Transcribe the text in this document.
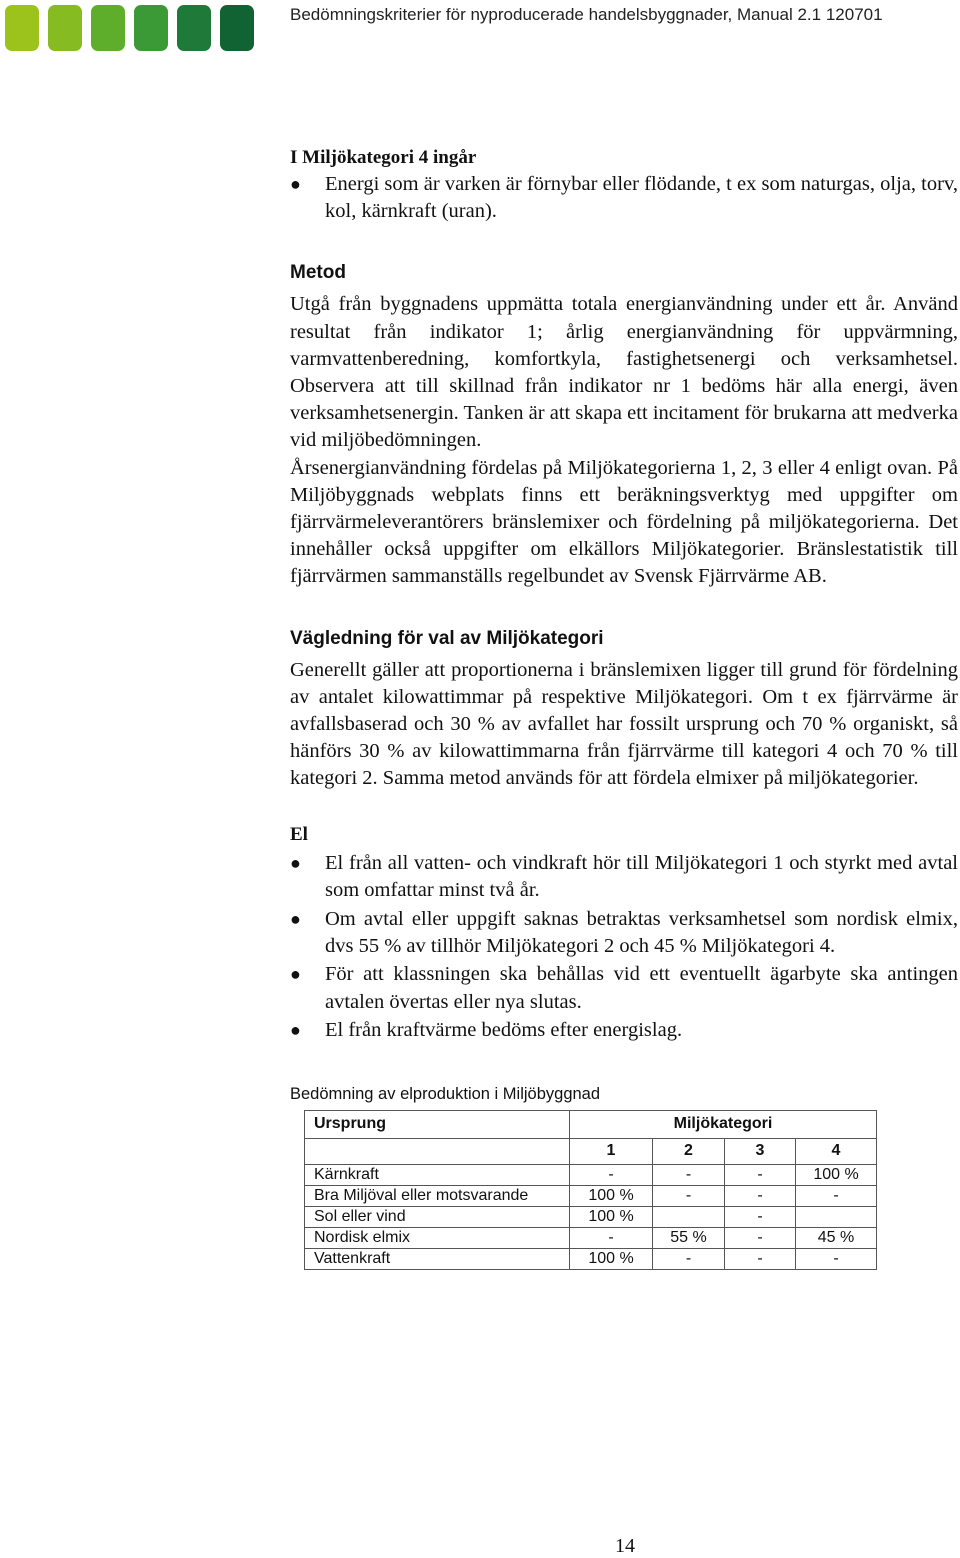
Bedömningskriterier för nyproducerade handelsbyggnader, Manual 2.1 120701
I Miljökategori 4 ingår
● Energi som är varken är förnybar eller flödande, t ex som naturgas, olja, torv, kol, kärnkraft (uran).
Metod

Utgå från byggnadens uppmätta totala energianvändning under ett år. Använd resultat från indikator 1; årlig energianvändning för uppvärmning, varmvattenberedning, komfortkyla, fastighetsenergi och verksamhetsel. Observera att till skillnad från indikator nr 1 bedöms här alla energi, även verksamhetsenergin. Tanken är att skapa ett incitament för brukarna att medverka vid miljöbedömningen.

Årsenergianvändning fördelas på Miljökategorierna 1, 2, 3 eller 4 enligt ovan. På Miljöbyggnads webplats finns ett beräkningsverktyg med uppgifter om fjärrvärmeleverantörers bränslemixer och fördelning på miljökategorierna. Det innehåller också uppgifter om elkällors Miljökategorier. Bränslestatistik till fjärrvärmen sammanställs regelbundet av Svensk Fjärrvärme AB.

Vägledning för val av Miljökategori

Generellt gäller att proportionerna i bränslemixen ligger till grund för fördelning av antalet kilowattimmar på respektive Miljökategori. Om t ex fjärrvärme är avfallsbaserad och 30 % av avfallet har fossilt ursprung och 70 % organiskt, så hänförs 30 % av kilowattimmarna från fjärrvärme till kategori 4 och 70 % till kategori 2. Samma metod används för att fördela elmixer på miljökategorier.

El
● El från all vatten- och vindkraft hör till Miljökategori 1 och styrkt med avtal som omfattar minst två år.
● Om avtal eller uppgift saknas betraktas verksamhetsel som nordisk elmix, dvs 55 % av tillhör Miljökategori 2 och 45 % Miljökategori 4.
● För att klassningen ska behållas vid ett eventuellt ägarbyte ska antingen avtalen övertas eller nya slutas.
● El från kraftvärme bedöms efter energislag.

Bedömning av elproduktion i Miljöbyggnad

Ursprung	Miljökategori			
	1	2	3	4
Kärnkraft	-	-	-	100 %
Bra Miljöval eller motsvarande	100 %	-	-	-
Sol eller vind	100 %		-	
Nordisk elmix	-	55 %	-	45 %
Vattenkraft	100 %	-	-	-
14
